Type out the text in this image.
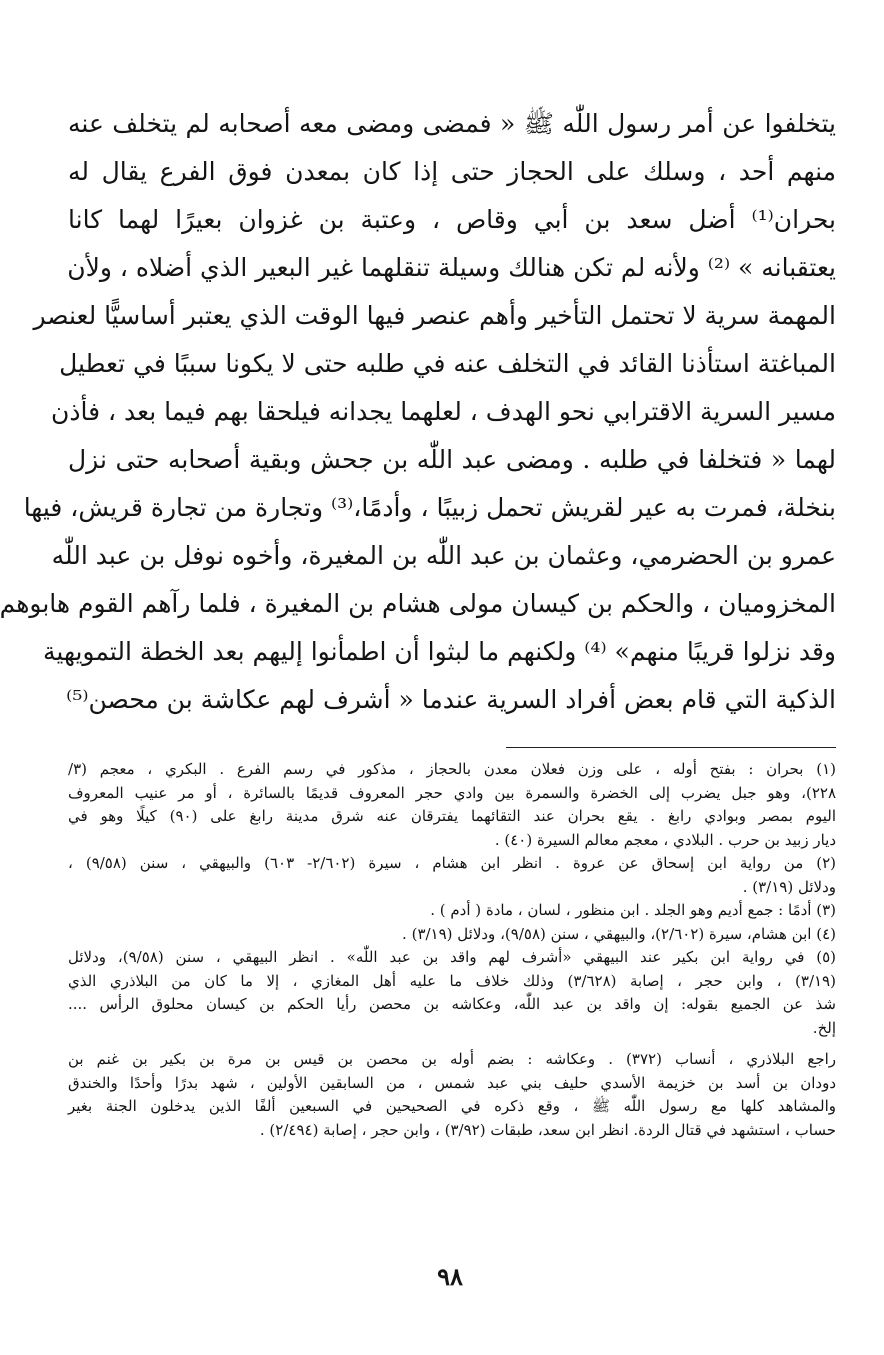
يتخلفوا عن أمر رسول اللّٰه ﷺ « فمضى ومضى معه أصحابه لم يتخلف عنه
منهم أحد ، وسلك على الحجاز حتى إذا كان بمعدن فوق الفرع يقال له
بحران⁽¹⁾ أضل سعد بن أبي وقاص ، وعتبة بن غزوان بعيرًا لهما كانا
يعتقبانه » ⁽²⁾ ولأنه لم تكن هنالك وسيلة تنقلهما غير البعير الذي أضلاه ، ولأن
المهمة سرية لا تحتمل التأخير وأهم عنصر فيها الوقت الذي يعتبر أساسيًّا لعنصر
المباغتة استأذنا القائد في التخلف عنه في طلبه حتى لا يكونا سببًا في تعطيل
مسير السرية الاقترابي نحو الهدف ، لعلهما يجدانه فيلحقا بهم فيما بعد ، فأذن
لهما « فتخلفا في طلبه . ومضى عبد اللّٰه بن جحش وبقية أصحابه حتى نزل
بنخلة، فمرت به عير لقريش تحمل زبيبًا ، وأدمًا،⁽³⁾ وتجارة من تجارة قريش، فيها
عمرو بن الحضرمي، وعثمان بن عبد اللّٰه بن المغيرة، وأخوه نوفل بن عبد اللّٰه
المخزوميان ، والحكم بن كيسان مولى هشام بن المغيرة ، فلما رآهم القوم هابوهم
وقد نزلوا قريبًا منهم» ⁽⁴⁾ ولكنهم ما لبثوا أن اطمأنوا إليهم بعد الخطة التمويهية
الذكية التي قام بعض أفراد السرية عندما « أشرف لهم عكاشة بن محصن⁽⁵⁾
(١) بحران : بفتح أوله ، على وزن فعلان معدن بالحجاز ، مذكور في رسم الفرع . البكري ، معجم (٣/
٢٢٨)، وهو جبل يضرب إلى الخضرة والسمرة بين وادي حجر المعروف قديمًا بالسائرة ، أو مر عنيب المعروف
اليوم بمصر وبوادي رابغ . يقع بحران عند التقائهما يفترقان عنه شرق مدينة رابغ على (٩٠) كيلًا وهو في
ديار زبيد بن حرب . البلادي ، معجم معالم السيرة (٤٠) .
(٢) من رواية ابن إسحاق عن عروة . انظر ابن هشام ، سيرة (٢/٦٠٢- ٦٠٣) والبيهقي ، سنن (٩/٥٨) ،
ودلائل (٣/١٩) .
(٣) أدمًا : جمع أديم وهو الجلد . ابن منظور ، لسان ، مادة ( أدم ) .
(٤) ابن هشام، سيرة (٢/٦٠٢)، والبيهقي ، سنن (٩/٥٨)، ودلائل (٣/١٩) .
(٥) في رواية ابن بكير عند البيهقي «أشرف لهم واقد بن عبد اللّٰه» . انظر البيهقي ، سنن (٩/٥٨)، ودلائل
(٣/١٩) ، وابن حجر ، إصابة (٣/٦٢٨) وذلك خلاف ما عليه أهل المغازي ، إلا ما كان من البلاذري الذي
شذ عن الجميع بقوله: إن واقد بن عبد اللّٰه، وعكاشه بن محصن رأيا الحكم بن كيسان محلوق الرأس ....
إلخ.
راجع البلاذري ، أنساب (٣٧٢) . وعكاشه : بضم أوله بن محصن بن قيس بن مرة بن بكير بن غنم بن
دودان بن أسد بن خزيمة الأسدي حليف بني عبد شمس ، من السابقين الأولين ، شهد بدرًا وأحدًا والخندق
والمشاهد كلها مع رسول اللّٰه ﷺ ، وقع ذكره في الصحيحين في السبعين ألفًا الذين يدخلون الجنة بغير
حساب ، استشهد في قتال الردة. انظر ابن سعد، طبقات (٣/٩٢) ، وابن حجر ، إصابة (٢/٤٩٤) .
٩٨
